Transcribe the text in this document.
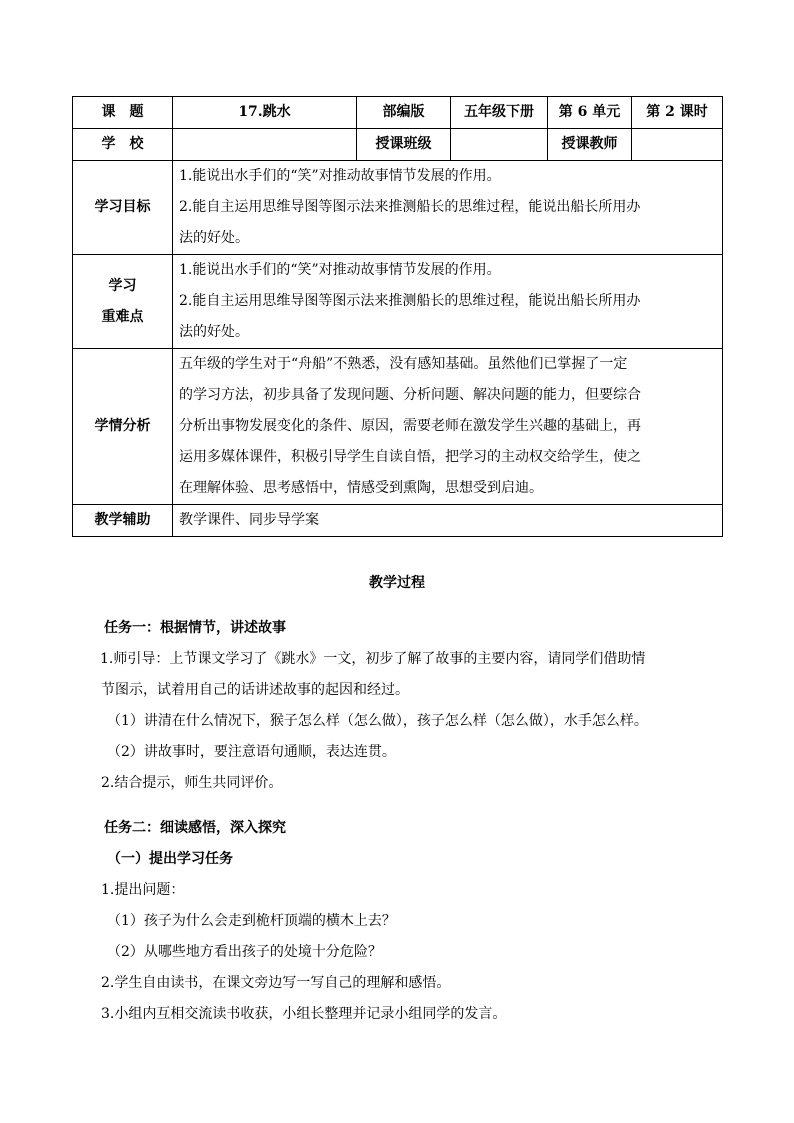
课　题	17.跳水	部编版	五年级下册	第 6 单元	第 2 课时
学　校		授课班级		授课教师	
学习目标	1.能说出水手们的“笑”对推动故事情节发展的作用。
2.能自主运用思维导图等图示法来推测船长的思维过程，能说出船长所用办
法的好处。				

学习
重难点	1.能说出水手们的“笑”对推动故事情节发展的作用。
2.能自主运用思维导图等图示法来推测船长的思维过程，能说出船长所用办
法的好处。				

学情分析	五年级的学生对于“舟船”不熟悉，没有感知基础。虽然他们已掌握了一定
的学习方法，初步具备了发现问题、分析问题、解决问题的能力，但要综合
分析出事物发展变化的条件、原因，需要老师在激发学生兴趣的基础上，再
运用多媒体课件，积极引导学生自读自悟，把学习的主动权交给学生，使之
在理解体验、思考感悟中，情感受到熏陶，思想受到启迪。				

教学辅助	教学课件、同步导学案				
教学过程

任务一：根据情节，讲述故事

1.师引导：上节课文学习了《跳水》一文，初步了解了故事的主要内容，请同学们借助情

节图示，试着用自己的话讲述故事的起因和经过。

（1）讲清在什么情况下，猴子怎么样（怎么做），孩子怎么样（怎么做），水手怎么样。

（2）讲故事时，要注意语句通顺，表达连贯。

2.结合提示，师生共同评价。

任务二：细读感悟，深入探究

（一）提出学习任务

1.提出问题：

（1）孩子为什么会走到桅杆顶端的横木上去？

（2）从哪些地方看出孩子的处境十分危险？

2.学生自由读书，在课文旁边写一写自己的理解和感悟。

3.小组内互相交流读书收获，小组长整理并记录小组同学的发言。
